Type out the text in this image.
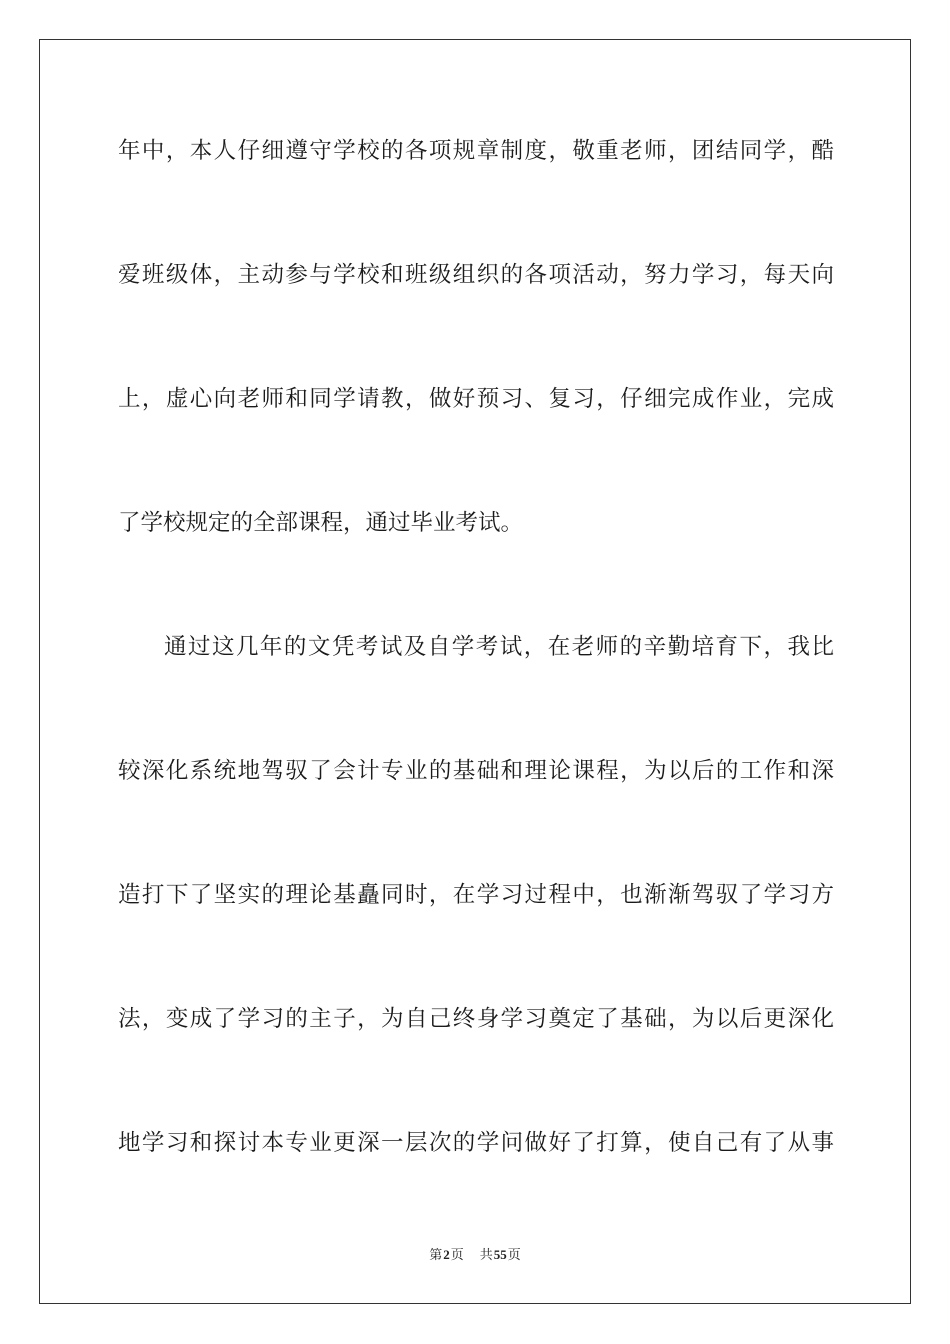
年中，本人仔细遵守学校的各项规章制度，敬重老师，团结同学，酷
爱班级体，主动参与学校和班级组织的各项活动，努力学习，每天向
上，虚心向老师和同学请教，做好预习、复习，仔细完成作业，完成
了学校规定的全部课程，通过毕业考试。
通过这几年的文凭考试及自学考试，在老师的辛勤培育下，我比
较深化系统地驾驭了会计专业的基础和理论课程，为以后的工作和深
造打下了坚实的理论基矗同时，在学习过程中，也渐渐驾驭了学习方
法，变成了学习的主子，为自己终身学习奠定了基础，为以后更深化
地学习和探讨本专业更深一层次的学问做好了打算，使自己有了从事
第2页 共55页
